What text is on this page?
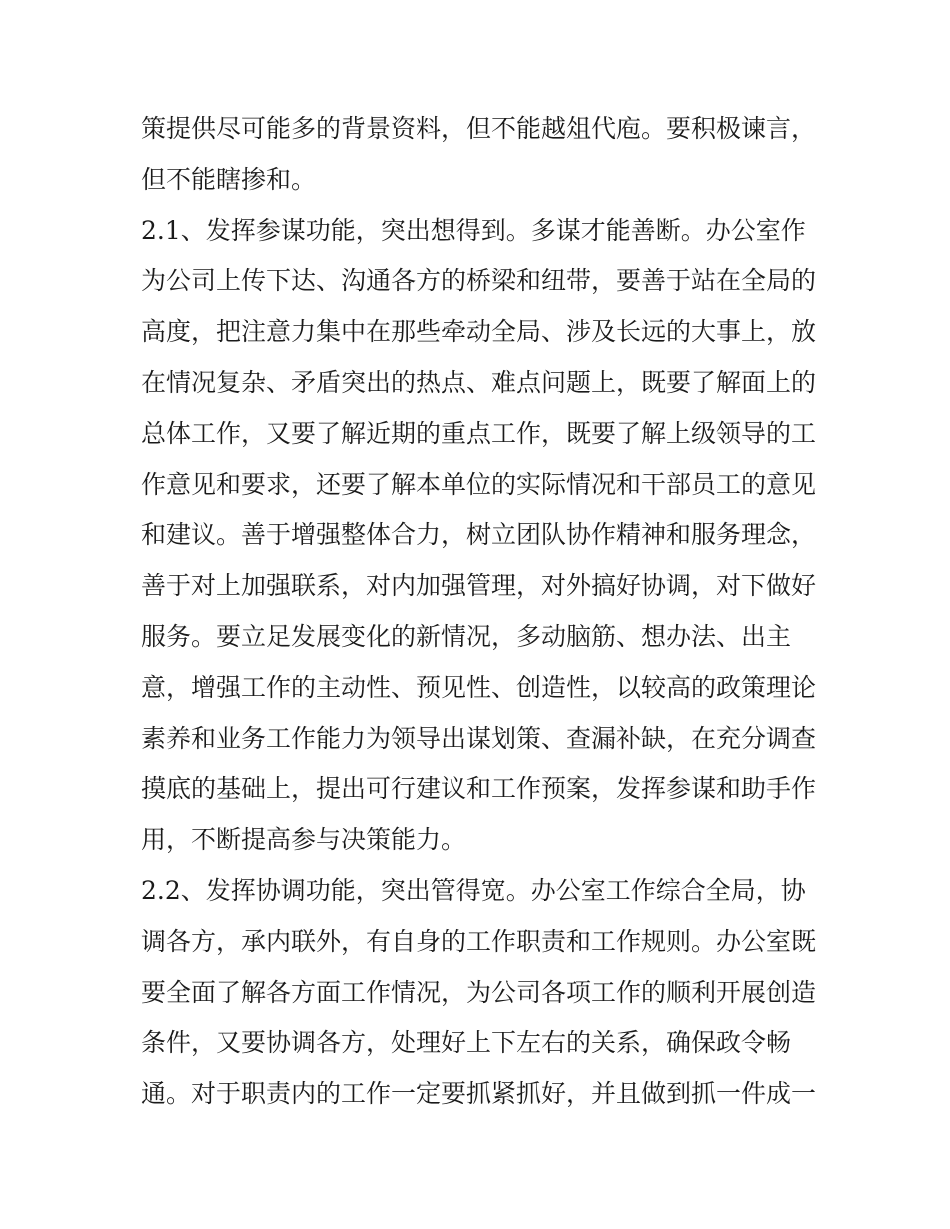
策提供尽可能多的背景资料，但不能越俎代庖。要积极谏言，
但不能瞎掺和。
2.1、发挥参谋功能，突出想得到。多谋才能善断。办公室作
为公司上传下达、沟通各方的桥梁和纽带，要善于站在全局的
高度，把注意力集中在那些牵动全局、涉及长远的大事上，放
在情况复杂、矛盾突出的热点、难点问题上，既要了解面上的
总体工作，又要了解近期的重点工作，既要了解上级领导的工
作意见和要求，还要了解本单位的实际情况和干部员工的意见
和建议。善于增强整体合力，树立团队协作精神和服务理念，
善于对上加强联系，对内加强管理，对外搞好协调，对下做好
服务。要立足发展变化的新情况，多动脑筋、想办法、出主
意，增强工作的主动性、预见性、创造性，以较高的政策理论
素养和业务工作能力为领导出谋划策、查漏补缺，在充分调查
摸底的基础上，提出可行建议和工作预案，发挥参谋和助手作
用，不断提高参与决策能力。
2.2、发挥协调功能，突出管得宽。办公室工作综合全局，协
调各方，承内联外，有自身的工作职责和工作规则。办公室既
要全面了解各方面工作情况，为公司各项工作的顺利开展创造
条件，又要协调各方，处理好上下左右的关系，确保政令畅
通。对于职责内的工作一定要抓紧抓好，并且做到抓一件成一
